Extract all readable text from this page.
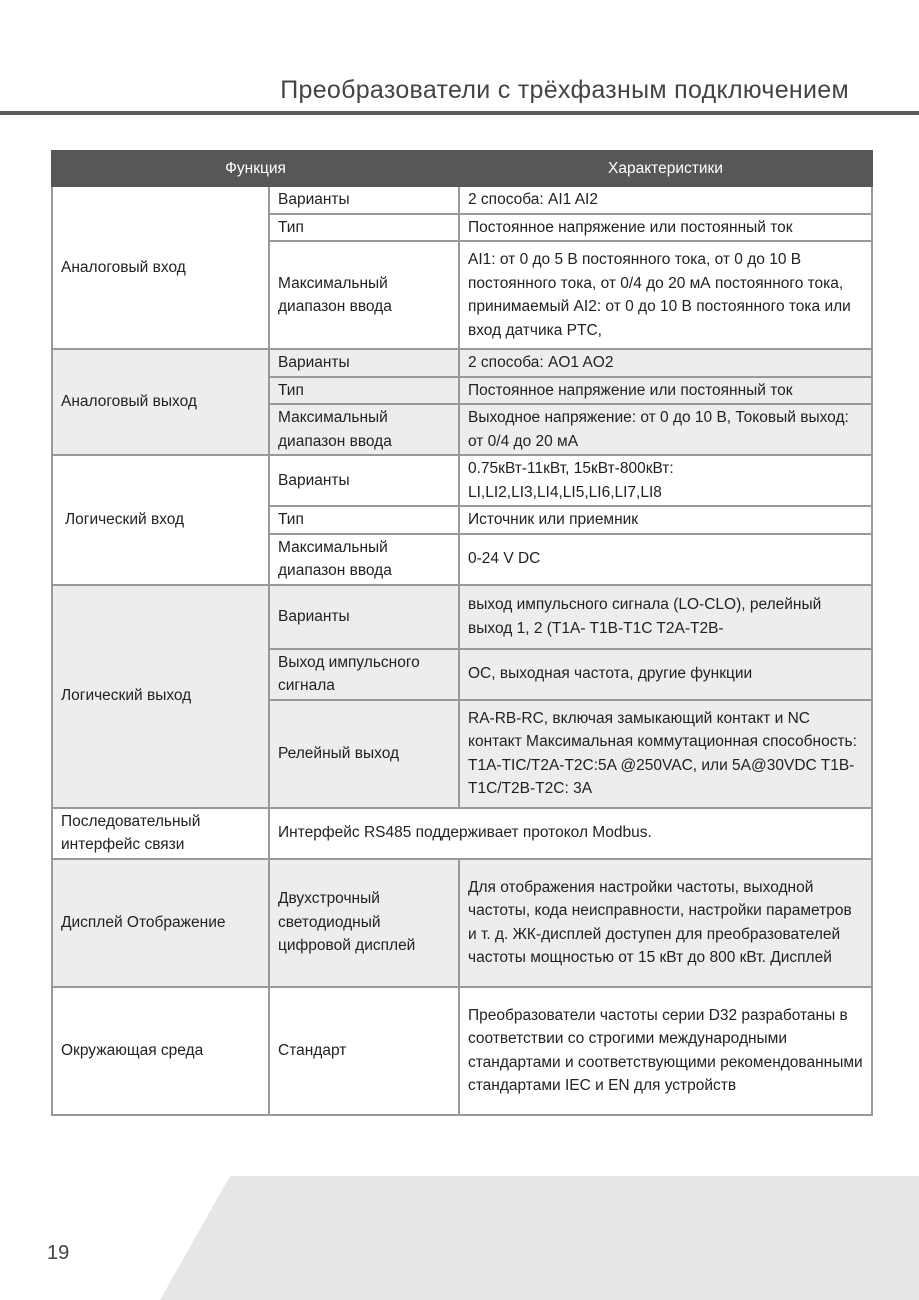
Преобразователи с трёхфазным подключением
Функция		Характеристики
Аналоговый вход	Варианты	2 способа: AI1 AI2
	Тип	Постоянное напряжение или постоянный ток
	Максимальный диапазон ввода	AI1: от 0 до 5 В постоянного тока, от 0 до 10 В постоянного тока, от 0/4 до 20 мА постоянного тока, принимаемый AI2: от 0 до 10 В постоянного тока или вход датчика PTC,
Аналоговый выход	Варианты	2 способа: AO1 AO2
	Тип	Постоянное напряжение или постоянный ток
	Максимальный диапазон ввода	Выходное напряжение: от 0 до 10 В, Токовый выход: от 0/4 до 20 мА
Логический вход	Варианты	0.75кВт-11кВт, 15кВт-800кВт: LI,LI2,LI3,LI4,LI5,LI6,LI7,LI8
	Тип	Источник или приемник
	Максимальный диапазон ввода	0-24 V DC
Логический выход	Варианты	выход импульсного сигнала (LO-CLO), релейный выход 1, 2 (T1A- T1B-T1C T2A-T2B-
	Выход импульсного сигнала	OC, выходная частота, другие функции
	Релейный выход	RA-RB-RC, включая замыкающий контакт и NC контакт Максимальная коммутационная способность: T1A-TIC/T2A-T2C:5A @250VAC, или 5A@30VDC T1B-T1C/T2B-T2C: 3A
Последовательный интерфейс связи	Интерфейс RS485 поддерживает протокол Modbus.	
Дисплей Отображение	Двухстрочный светодиодный цифровой дисплей	Для отображения настройки частоты, выходной частоты, кода неисправности, настройки параметров и т. д. ЖК-дисплей доступен для преобразователей частоты мощностью от 15 кВт до 800 кВт. Дисплей
Окружающая среда	Стандарт	Преобразователи частоты серии D32 разработаны в соответствии со строгими международными стандартами и соответствующими рекомендованными стандартами IEC и EN для устройств
19
